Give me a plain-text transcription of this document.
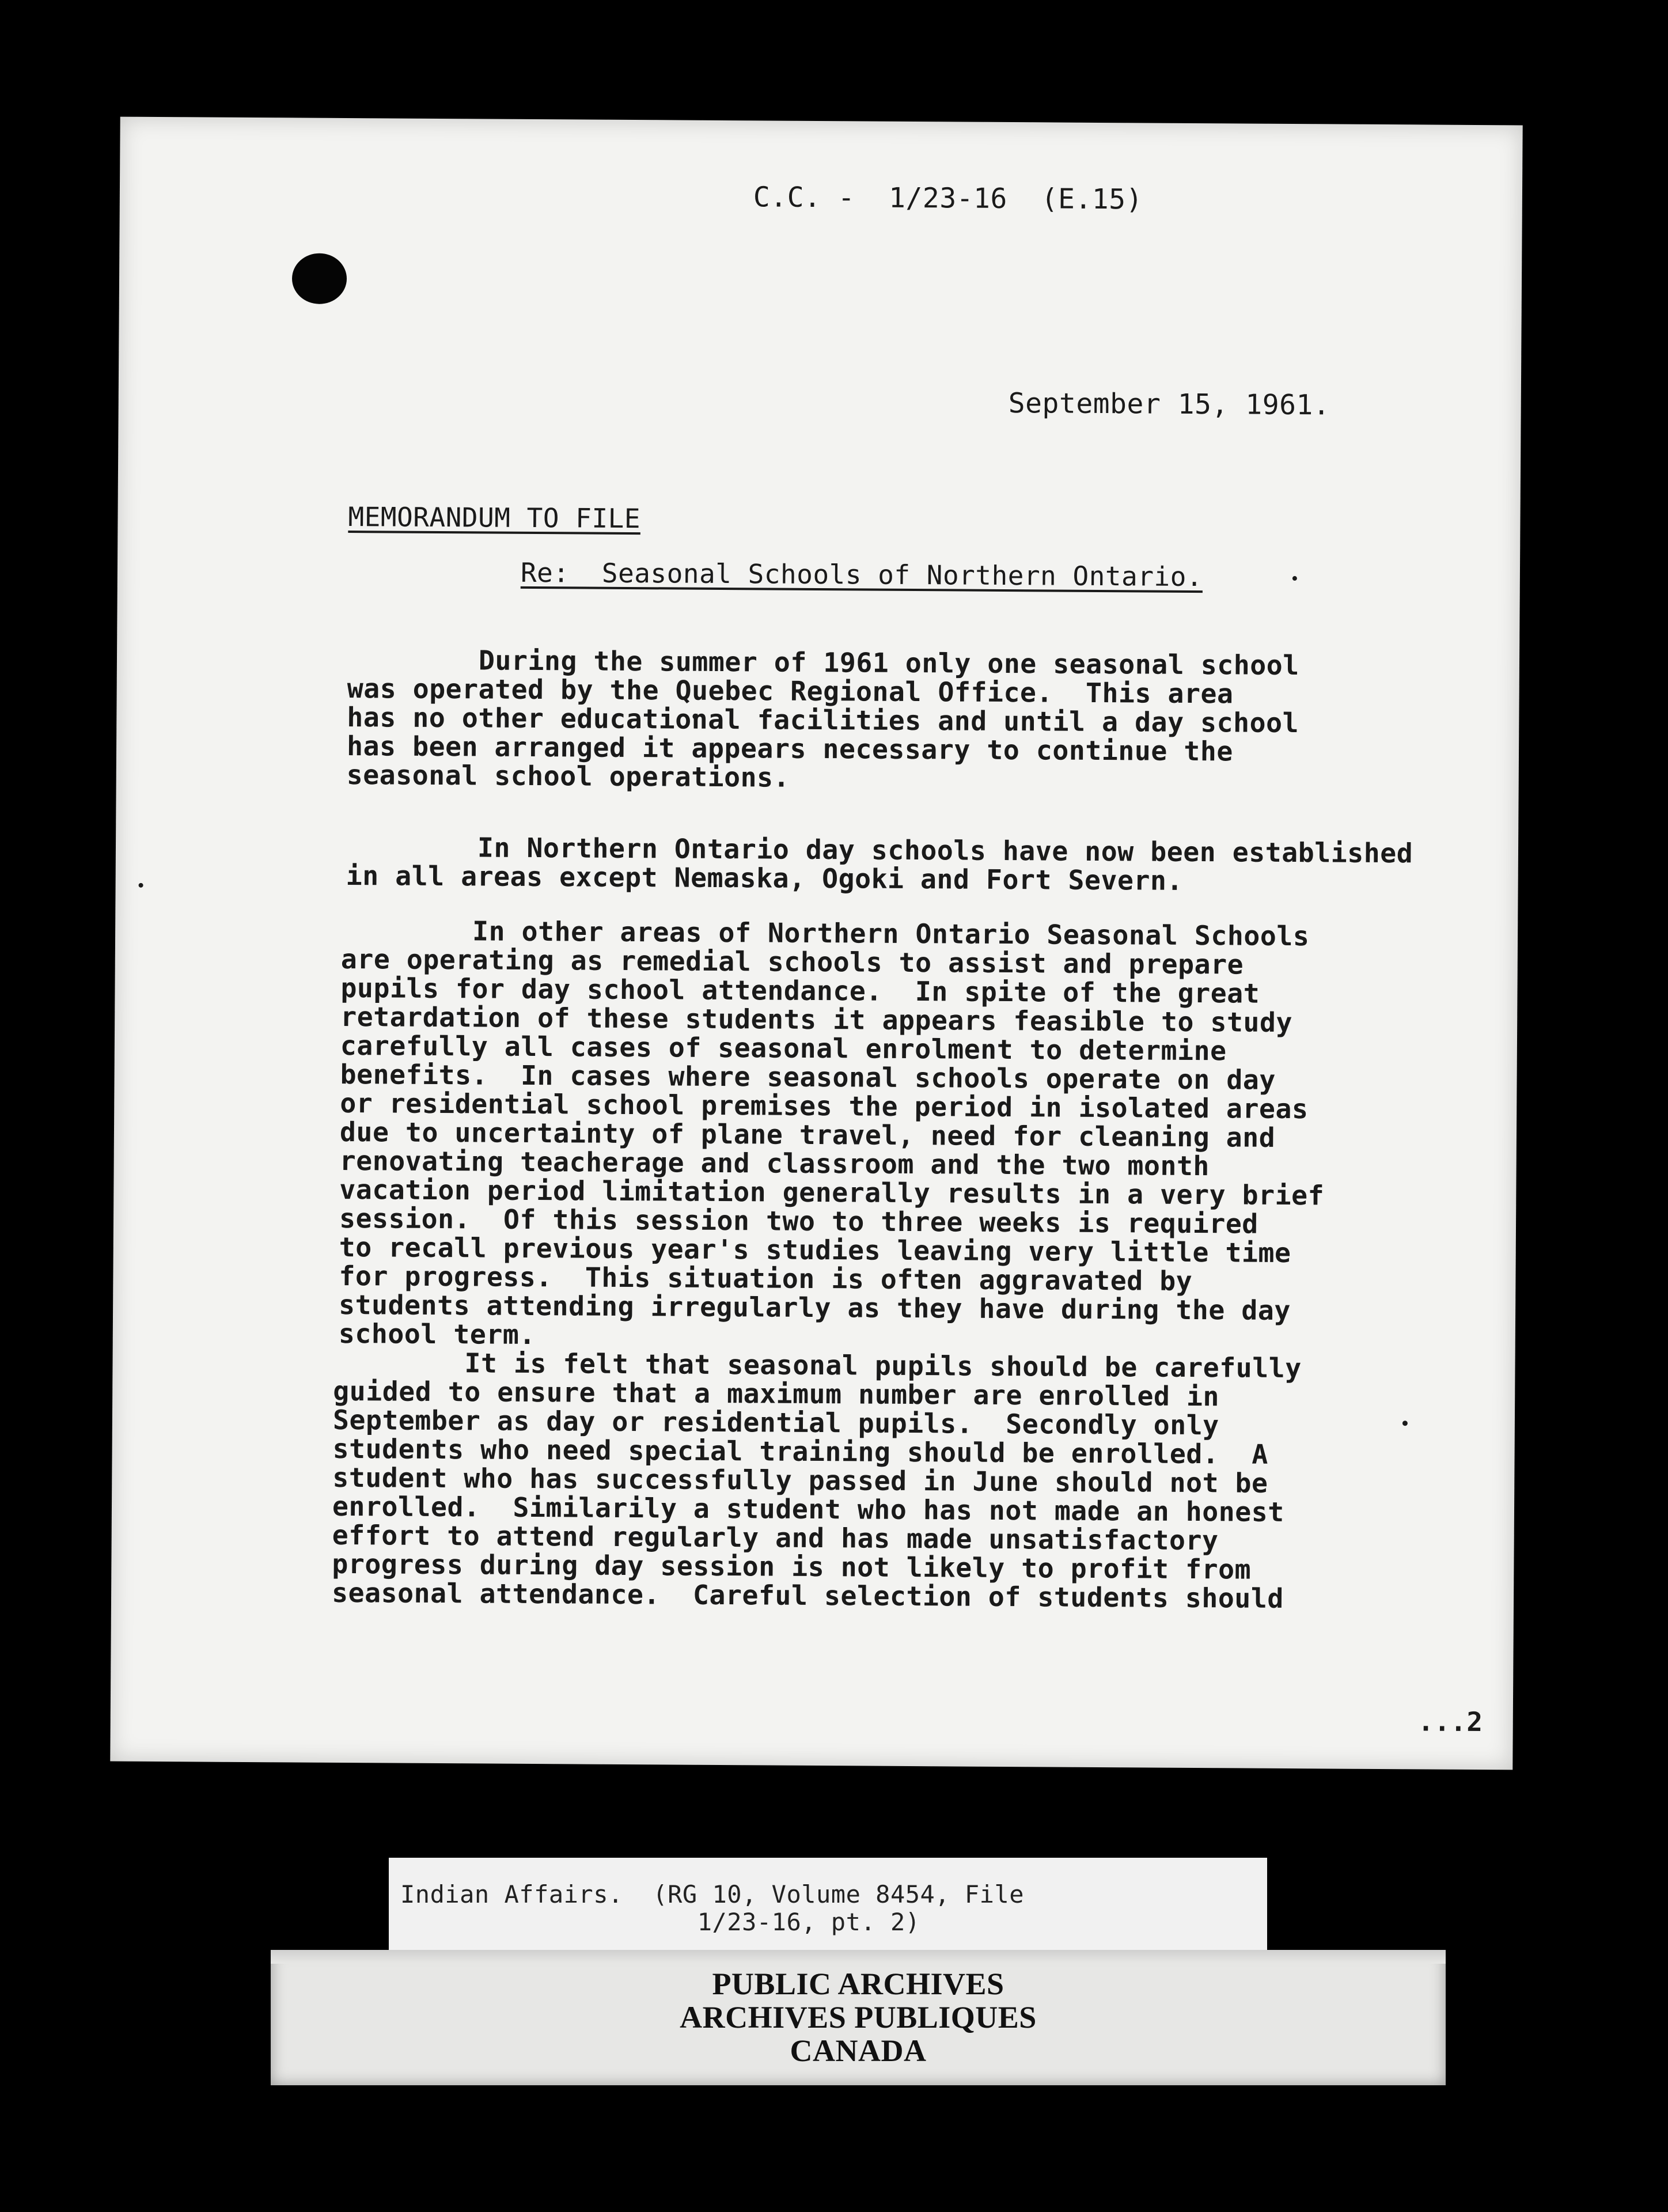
C.C. -  1/23-16  (E.15)

September 15, 1961.

MEMORANDUM TO FILE

Re:  Seasonal Schools of Northern Ontario.

During the summer of 1961 only one seasonal school
was operated by the Quebec Regional Office.  This area
has no other educational facilities and until a day school
has been arranged it appears necessary to continue the
seasonal school operations.

In Northern Ontario day schools have now been established
in all areas except Nemaska, Ogoki and Fort Severn.

In other areas of Northern Ontario Seasonal Schools
are operating as remedial schools to assist and prepare
pupils for day school attendance.  In spite of the great
retardation of these students it appears feasible to study
carefully all cases of seasonal enrolment to determine
benefits.  In cases where seasonal schools operate on day
or residential school premises the period in isolated areas
due to uncertainty of plane travel, need for cleaning and
renovating teacherage and classroom and the two month
vacation period limitation generally results in a very brief
session.  Of this session two to three weeks is required
to recall previous year's studies leaving very little time
for progress.  This situation is often aggravated by
students attending irregularly as they have during the day
school term.

It is felt that seasonal pupils should be carefully
guided to ensure that a maximum number are enrolled in
September as day or residential pupils.  Secondly only
students who need special training should be enrolled.  A
student who has successfully passed in June should not be
enrolled.  Similarily a student who has not made an honest
effort to attend regularly and has made unsatisfactory
progress during day session is not likely to profit from
seasonal attendance.  Careful selection of students should

...2

Indian Affairs.  (RG 10, Volume 8454, File
1/23-16, pt. 2)

PUBLIC ARCHIVES

ARCHIVES PUBLIQUES

CANADA
